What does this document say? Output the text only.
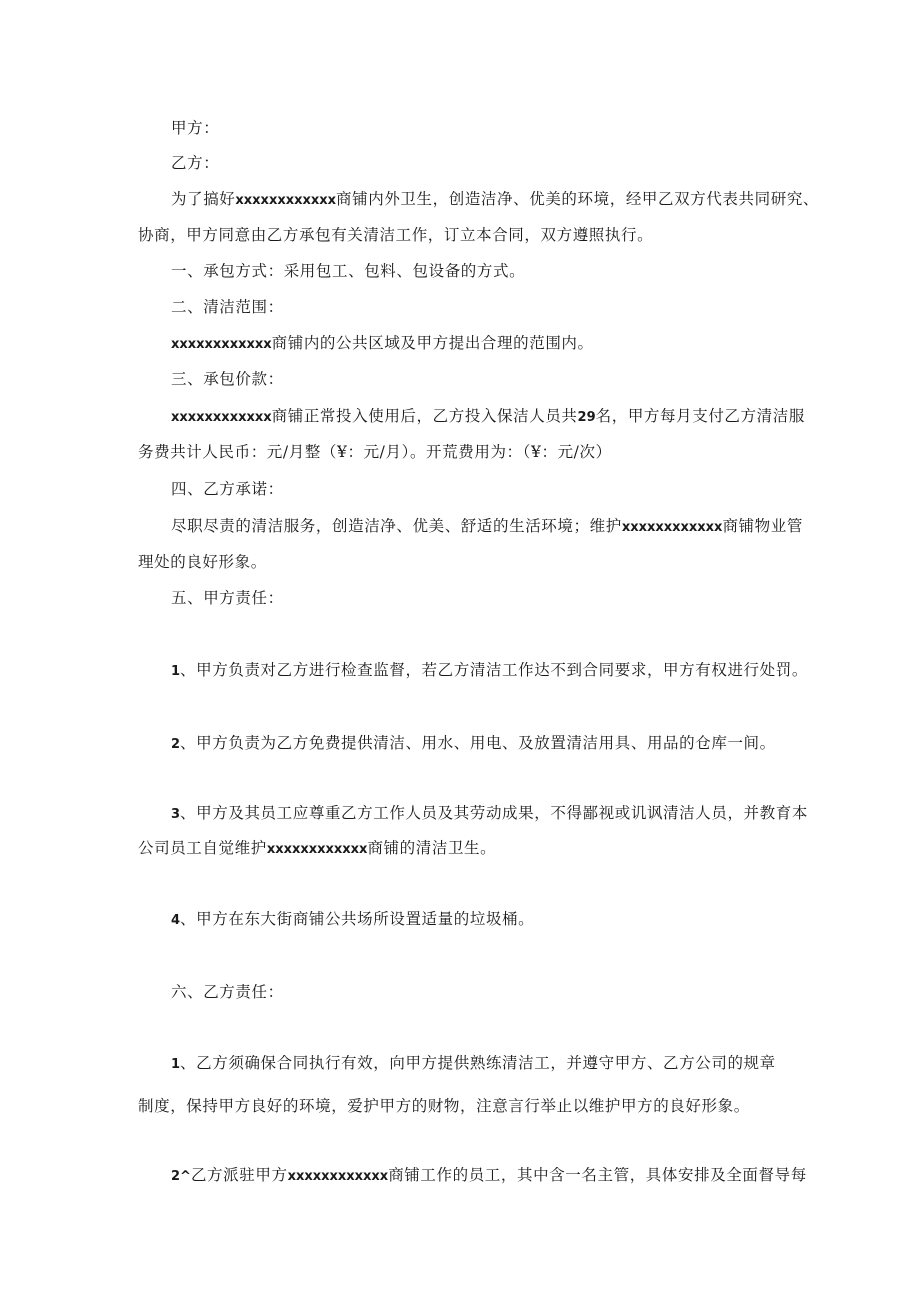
甲方：
乙方：
为了搞好xxxxxxxxxxxx商铺内外卫生，创造洁净、优美的环境，经甲乙双方代表共同研究、
协商，甲方同意由乙方承包有关清洁工作，订立本合同，双方遵照执行。
一、承包方式：采用包工、包料、包设备的方式。
二、清洁范围：
xxxxxxxxxxxx商铺内的公共区域及甲方提出合理的范围内。
三、承包价款：
xxxxxxxxxxxx商铺正常投入使用后，乙方投入保洁人员共29名，甲方每月支付乙方清洁服
务费共计人民币：元/月整（¥：元/月）。开荒费用为：（¥：元/次）
四、乙方承诺：
尽职尽责的清洁服务，创造洁净、优美、舒适的生活环境；维护xxxxxxxxxxxx商铺物业管
理处的良好形象。
五、甲方责任：
1、甲方负责对乙方进行检查监督，若乙方清洁工作达不到合同要求，甲方有权进行处罚。
2、甲方负责为乙方免费提供清洁、用水、用电、及放置清洁用具、用品的仓库一间。
3、甲方及其员工应尊重乙方工作人员及其劳动成果，不得鄙视或讥讽清洁人员，并教育本
公司员工自觉维护xxxxxxxxxxxx商铺的清洁卫生。
4、甲方在东大街商铺公共场所设置适量的垃圾桶。
六、乙方责任：
1、乙方须确保合同执行有效，向甲方提供熟练清洁工，并遵守甲方、乙方公司的规章
制度，保持甲方良好的环境，爱护甲方的财物，注意言行举止以维护甲方的良好形象。
2^乙方派驻甲方xxxxxxxxxxxx商铺工作的员工，其中含一名主管，具体安排及全面督导每
